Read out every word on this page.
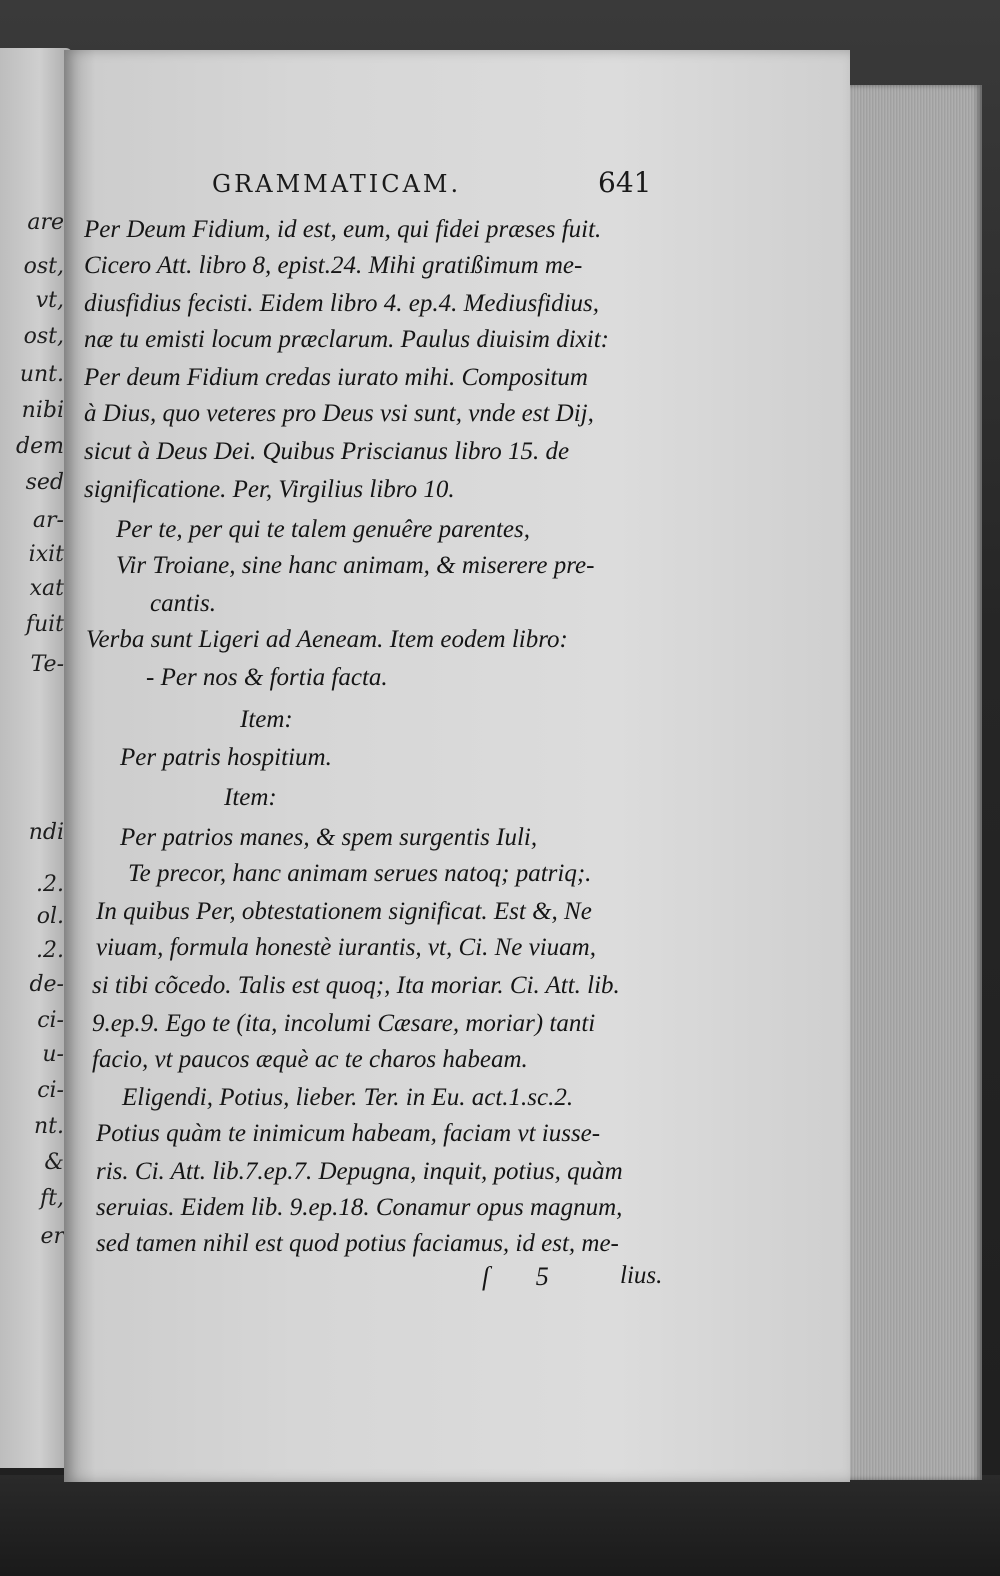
are
ost,
vt,
ost,
unt.
nibi
dem
sed
ar-
ixit
xat
fuit
Te-
ndi
.2.
ol.
.2.
de-
ci-
u-
ci-
nt.
&
ft,
er
GRAMMATICAM.	641
Per Deum Fidium, id est, eum, qui fidei præses fuit.
Cicero Att. libro 8, epist.24. Mihi gratißimum me-
diusfidius fecisti. Eidem libro 4. ep.4. Mediusfidius,
næ tu emisti locum præclarum. Paulus diuisim dixit:
Per deum Fidium credas iurato mihi. Compositum
à Dius, quo veteres pro Deus vsi sunt, vnde est Dij,
sicut à Deus Dei. Quibus Priscianus libro 15. de
significatione. Per, Virgilius libro 10.
Per te, per qui te talem genuêre parentes,
Vir Troiane, sine hanc animam, & miserere pre-
cantis.
Verba sunt Ligeri ad Aeneam. Item eodem libro:
- Per nos & fortia facta.
Item:
Per patris hospitium.
Item:
Per patrios manes, & spem surgentis Iuli,
Te precor, hanc animam serues natoq; patriq;.
In quibus Per, obtestationem significat. Est &, Ne
viuam, formula honestè iurantis, vt, Ci. Ne viuam,
si tibi cõcedo. Talis est quoq;, Ita moriar. Ci. Att. lib.
9.ep.9. Ego te (ita, incolumi Cæsare, moriar) tanti
facio, vt paucos æquè ac te charos habeam.
Eligendi, Potius, lieber. Ter. in Eu. act.1.sc.2.
Potius quàm te inimicum habeam, faciam vt iusse-
ris. Ci. Att. lib.7.ep.7. Depugna, inquit, potius, quàm
seruias. Eidem lib. 9.ep.18. Conamur opus magnum,
sed tamen nihil est quod potius faciamus, id est, me-
ſ 5 lius.
